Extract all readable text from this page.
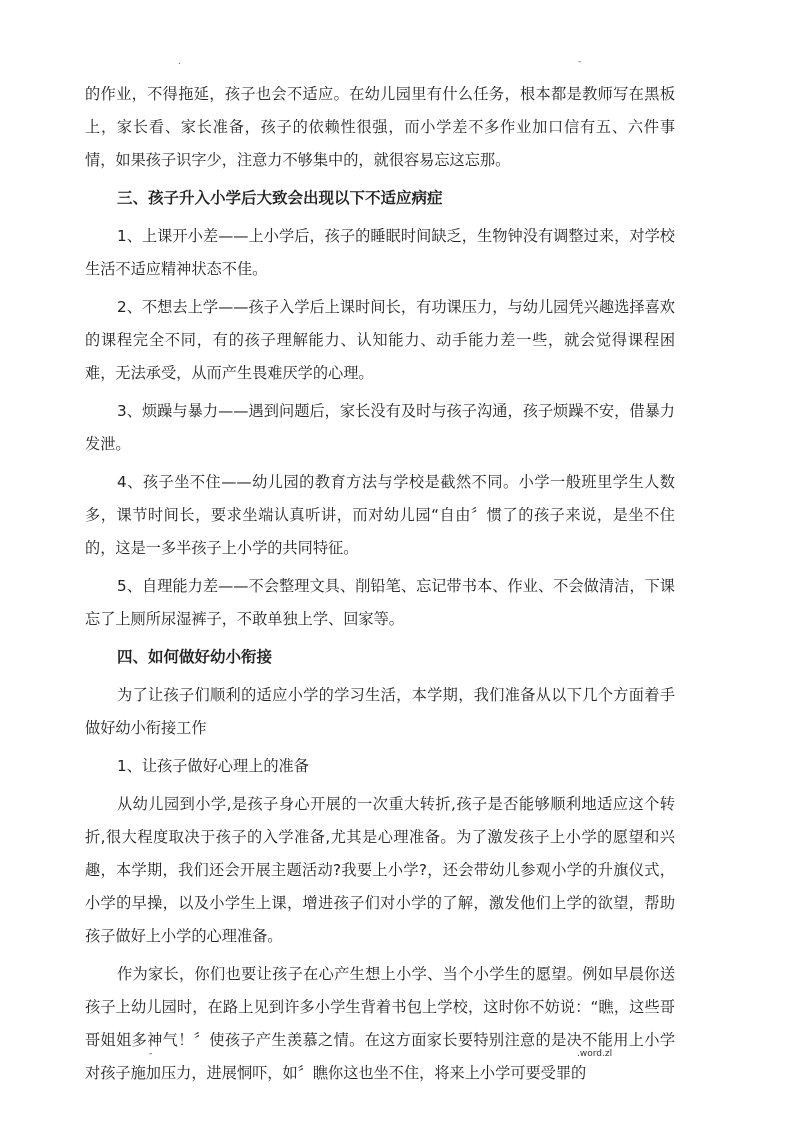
.	-

的作业，不得拖延，孩子也会不适应。在幼儿园里有什么任务，根本都是教师写在黑板上，家长看、家长准备，孩子的依赖性很强，而小学差不多作业加口信有五、六件事情，如果孩子识字少，注意力不够集中的，就很容易忘这忘那。

三、孩子升入小学后大致会出现以下不适应病症

1、上课开小差——上小学后，孩子的睡眠时间缺乏，生物钟没有调整过来，对学校生活不适应精神状态不佳。

2、不想去上学——孩子入学后上课时间长，有功课压力，与幼儿园凭兴趣选择喜欢的课程完全不同，有的孩子理解能力、认知能力、动手能力差一些，就会觉得课程困难，无法承受，从而产生畏难厌学的心理。

3、烦躁与暴力——遇到问题后，家长没有及时与孩子沟通，孩子烦躁不安，借暴力发泄。

4、孩子坐不住——幼儿园的教育方法与学校是截然不同。小学一般班里学生人数多，课节时间长，要求坐端认真听讲，而对幼儿园“自由〞惯了的孩子来说，是坐不住的，这是一多半孩子上小学的共同特征。

5、自理能力差——不会整理文具、削铅笔、忘记带书本、作业、不会做清洁，下课忘了上厕所尿湿裤子，不敢单独上学、回家等。

四、如何做好幼小衔接

为了让孩子们顺利的适应小学的学习生活，本学期，我们准备从以下几个方面着手做好幼小衔接工作

1、让孩子做好心理上的准备

从幼儿园到小学,是孩子身心开展的一次重大转折,孩子是否能够顺利地适应这个转折,很大程度取决于孩子的入学准备,尤其是心理准备。为了激发孩子上小学的愿望和兴趣，本学期，我们还会开展主题活动?我要上小学?，还会带幼儿参观小学的升旗仪式，小学的早操，以及小学生上课，增进孩子们对小学的了解，激发他们上学的欲望，帮助孩子做好上小学的心理准备。

作为家长，你们也要让孩子在心产生想上小学、当个小学生的愿望。例如早晨你送孩子上幼儿园时，在路上见到许多小学生背着书包上学校，这时你不妨说：“瞧，这些哥哥姐姐多神气！〞使孩子产生羡慕之情。在这方面家长要特别注意的是决不能用上小学对孩子施加压力，进展恫吓，如〞瞧你这也坐不住，将来上小学可要受罪的

-	.word.zl
